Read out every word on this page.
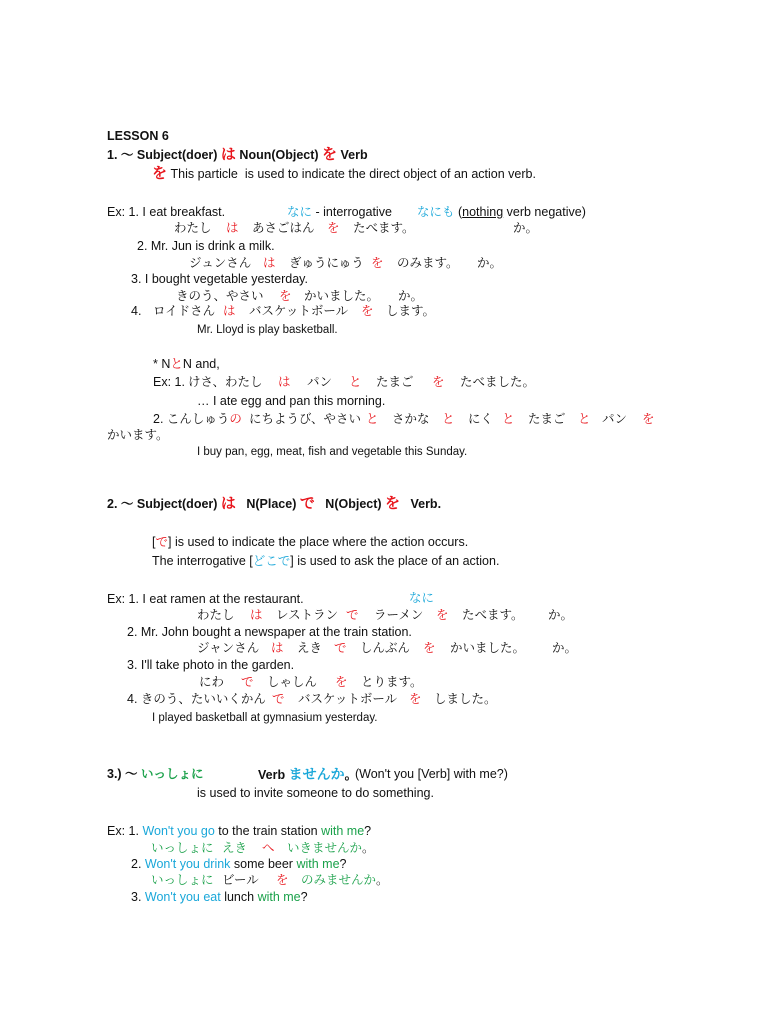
LESSON 6
1. 〜 Subject(doer) は Noun(Object) を Verb
を This particle  is used to indicate the direct object of an action verb.
Ex: 1. I eat breakfast.	なに - interrogative なにも (nothing verb negative)
わたし は あさごはん を たべます。	か。
2. Mr. Jun is drink a milk.
ジュンさん は ぎゅうにゅう を のみます。 か。
3. I bought vegetable yesterday.
きのう、やさい を かいました。 か。
4. ロイドさん は バスケットボール を します。
Mr. Lloyd is play basketball.
* NとN and,
Ex: 1. けさ、わたし は パン と たまご を たべました。
… I ate egg and pan this morning.
2. こんしゅうの にちようび、やさい と さかな と にく と たまご と パン を
かいます。
I buy pan, egg, meat, fish and vegetable this Sunday.
2. 〜 Subject(doer) は   N(Place) で   N(Object) を   Verb.
[で] is used to indicate the place where the action occurs.
The interrogative [どこで] is used to ask the place of an action.
Ex: 1. I eat ramen at the restaurant.	なに
わたし は レストラン で ラーメン を たべます。 か。
2. Mr. John bought a newspaper at the train station.
ジャンさん は えき で しんぶん を かいました。 か。
3. I'll take photo in the garden.
にわ で しゃしん を とります。
4. きのう、たいいくかん で バスケットボール を しました。
I played basketball at gymnasium yesterday.
3.) 〜 いっしょに	Verb ませんか。
(Won't you [Verb] with me?)
is used to invite someone to do something.
Ex: 1. Won't you go to the train station with me?
いっしょに えき へ いきませんか。
2. Won't you drink some beer with me?
いっしょに ビール を のみませんか。
3. Won't you eat lunch with me?
